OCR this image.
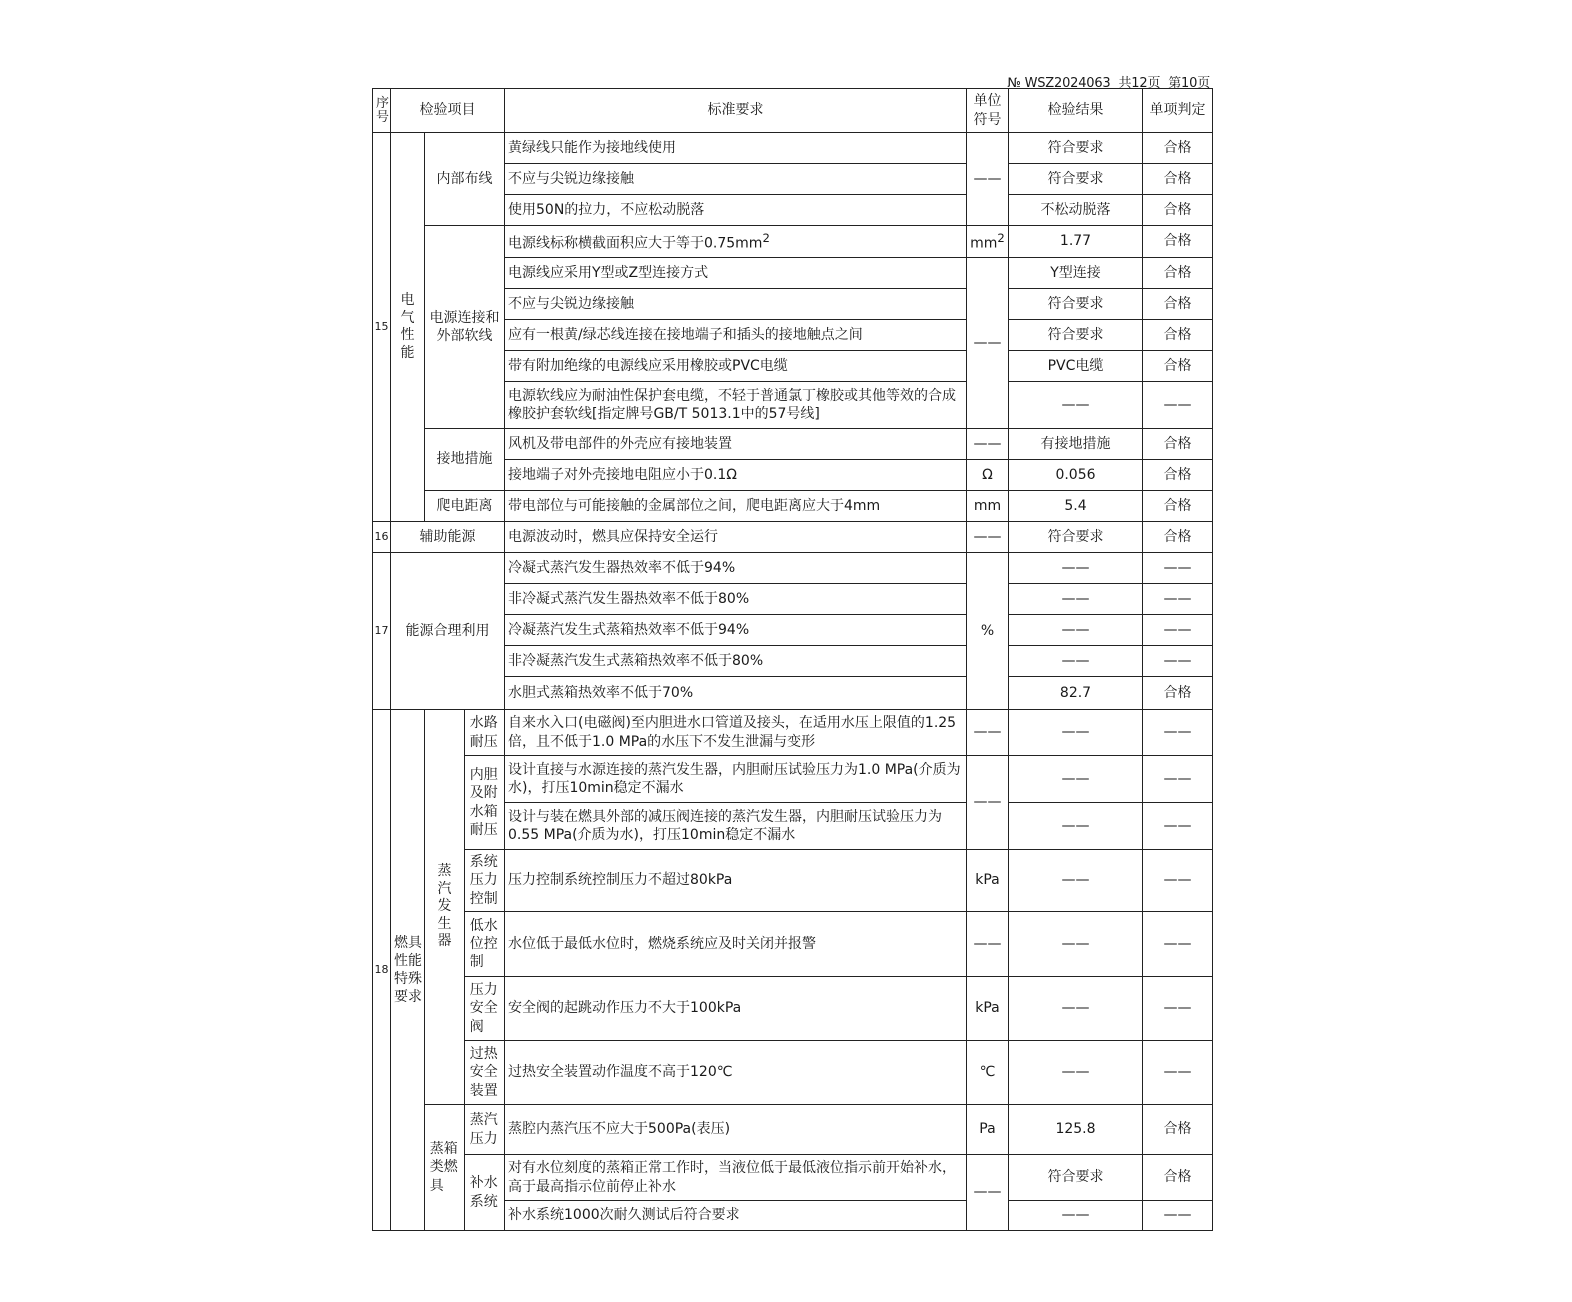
№ WSZ2024063 共12页 第10页
序号	检验项目			标准要求	单位符号	检验结果	单项判定
15	电气性能	内部布线		黄绿线只能作为接地线使用	——	符合要求	合格
				不应与尖锐边缘接触		符合要求	合格
				使用50N的拉力，不应松动脱落		不松动脱落	合格
		电源连接和外部软线		电源线标称横截面积应大于等于$0.75mm^2$	$mm^2$	1.77	合格
				电源线应采用Y型或Z型连接方式	——	Y型连接	合格
				不应与尖锐边缘接触		符合要求	合格
				应有一根黄/绿芯线连接在接地端子和插头的接地触点之间		符合要求	合格
				带有附加绝缘的电源线应采用橡胶或PVC电缆		PVC电缆	合格
				电源软线应为耐油性保护套电缆，不轻于普通氯丁橡胶或其他等效的合成橡胶护套软线[指定牌号GB/T 5013.1中的57号线]		——	——
		接地措施		风机及带电部件的外壳应有接地装置	——	有接地措施	合格
				接地端子对外壳接地电阻应小于0.1Ω	Ω	0.056	合格
		爬电距离		带电部位与可能接触的金属部位之间，爬电距离应大于4mm	mm	5.4	合格
16	辅助能源			电源波动时，燃具应保持安全运行	——	符合要求	合格
17	能源合理利用			冷凝式蒸汽发生器热效率不低于94%	%	——	——
				非冷凝式蒸汽发生器热效率不低于80%		——	——
				冷凝蒸汽发生式蒸箱热效率不低于94%		——	——
				非冷凝蒸汽发生式蒸箱热效率不低于80%		——	——
				水胆式蒸箱热效率不低于70%		82.7	合格
18	燃具性能特殊要求	蒸汽发生器	水路耐压	自来水入口(电磁阀)至内胆进水口管道及接头，在适用水压上限值的1.25倍，且不低于1.0 MPa的水压下不发生泄漏与变形	——	——	——

			内胆及附水箱耐压	设计直接与水源连接的蒸汽发生器，内胆耐压试验压力为1.0 MPa(介质为水)，打压10min稳定不漏水	——	——	——
				设计与装在燃具外部的减压阀连接的蒸汽发生器，内胆耐压试验压力为0.55 MPa(介质为水)，打压10min稳定不漏水		——	——

			系统压力控制	压力控制系统控制压力不超过80kPa	kPa	——	——

			低水位控制	水位低于最低水位时，燃烧系统应及时关闭并报警	——	——	——

			压力安全阀	安全阀的起跳动作压力不大于100kPa	kPa	——	——

			过热安全装置	过热安全装置动作温度不高于120℃	℃	——	——

		蒸箱类燃具	蒸汽压力	蒸腔内蒸汽压不应大于500Pa(表压)	Pa	125.8	合格

			补水系统	对有水位刻度的蒸箱正常工作时，当液位低于最低液位指示前开始补水，高于最高指示位前停止补水	——	符合要求	合格
				补水系统1000次耐久测试后符合要求		——	——
